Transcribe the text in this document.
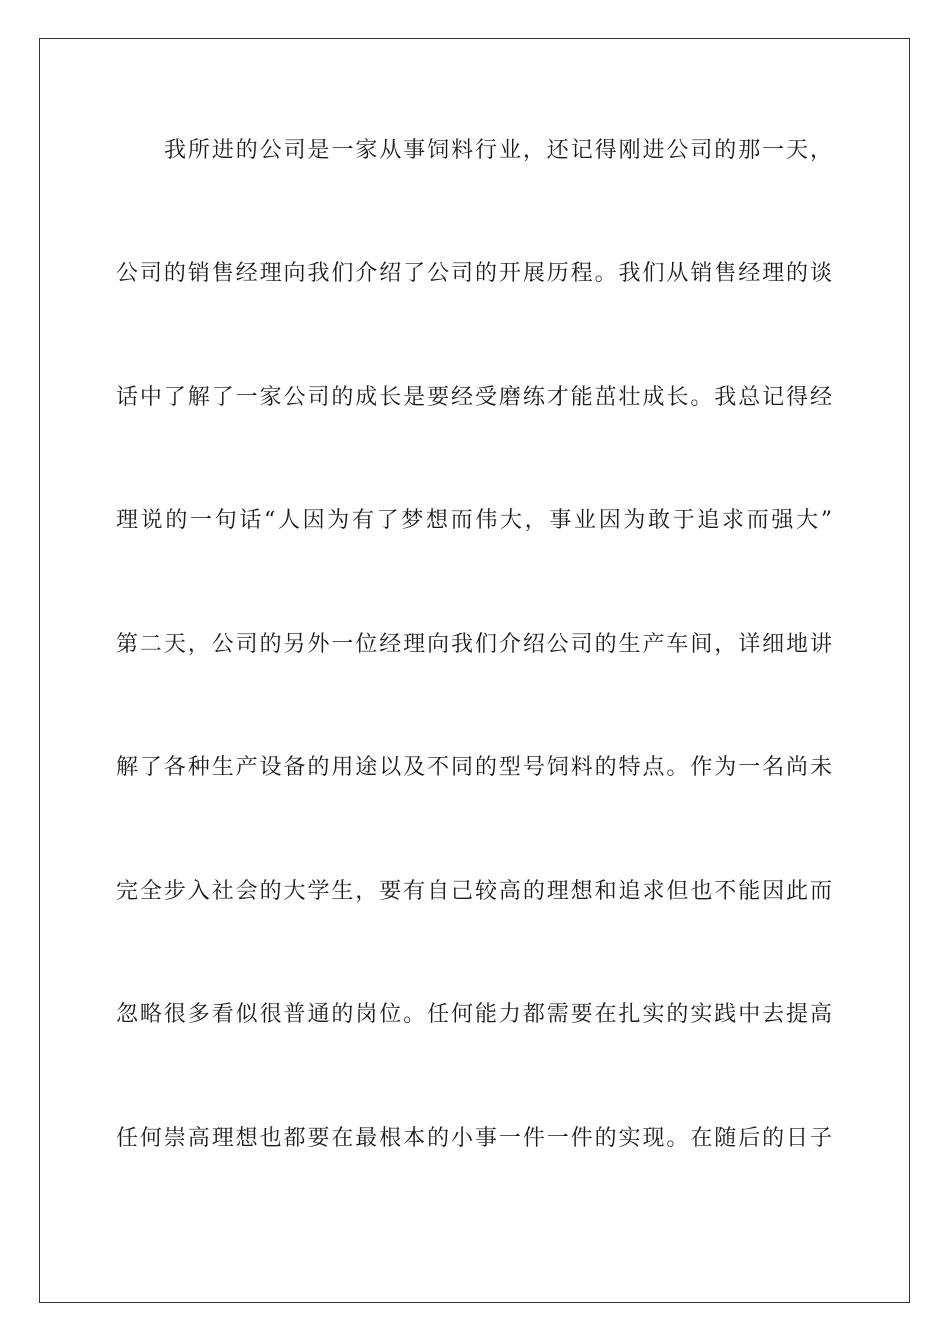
我所进的公司是一家从事饲料行业，还记得刚进公司的那一天，
公司的销售经理向我们介绍了公司的开展历程。我们从销售经理的谈
话中了解了一家公司的成长是要经受磨练才能茁壮成长。我总记得经
理说的一句话“人因为有了梦想而伟大，事业因为敢于追求而强大”
第二天，公司的另外一位经理向我们介绍公司的生产车间，详细地讲
解了各种生产设备的用途以及不同的型号饲料的特点。作为一名尚未
完全步入社会的大学生，要有自己较高的理想和追求但也不能因此而
忽略很多看似很普通的岗位。任何能力都需要在扎实的实践中去提高
任何崇高理想也都要在最根本的小事一件一件的实现。在随后的日子
